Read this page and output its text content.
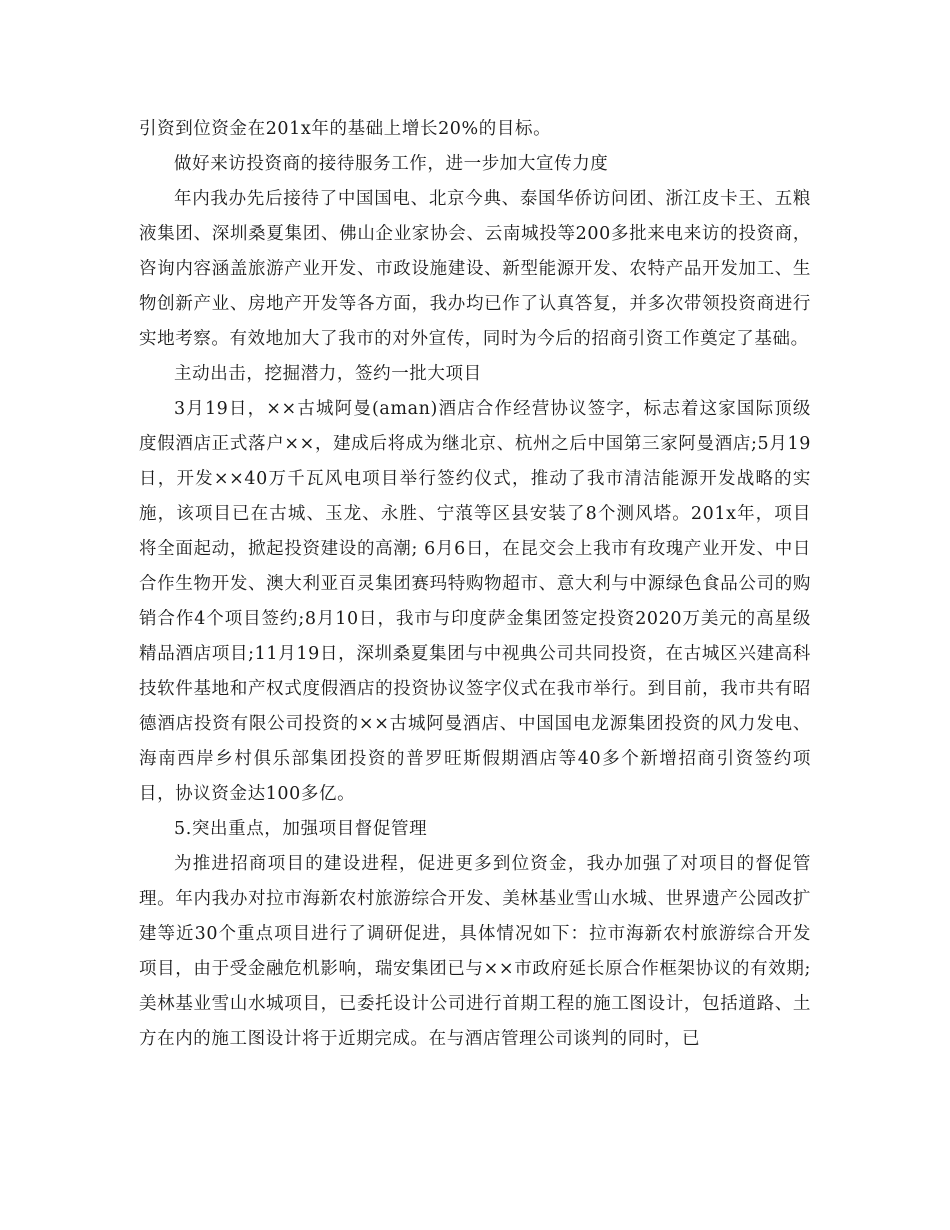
引资到位资金在201x年的基础上增长20%的目标。

做好来访投资商的接待服务工作，进一步加大宣传力度

年内我办先后接待了中国国电、北京今典、泰国华侨访问团、浙江皮卡王、五粮液集团、深圳桑夏集团、佛山企业家协会、云南城投等200多批来电来访的投资商，咨询内容涵盖旅游产业开发、市政设施建设、新型能源开发、农特产品开发加工、生物创新产业、房地产开发等各方面，我办均已作了认真答复，并多次带领投资商进行实地考察。有效地加大了我市的对外宣传，同时为今后的招商引资工作奠定了基础。

主动出击，挖掘潜力，签约一批大项目

3月19日，××古城阿曼(aman)酒店合作经营协议签字，标志着这家国际顶级度假酒店正式落户××，建成后将成为继北京、杭州之后中国第三家阿曼酒店;5月19日，开发××40万千瓦风电项目举行签约仪式，推动了我市清洁能源开发战略的实施，该项目已在古城、玉龙、永胜、宁蒗等区县安装了8个测风塔。201x年，项目将全面起动，掀起投资建设的高潮; 6月6日，在昆交会上我市有玫瑰产业开发、中日合作生物开发、澳大利亚百灵集团赛玛特购物超市、意大利与中源绿色食品公司的购销合作4个项目签约;8月10日，我市与印度萨金集团签定投资2020万美元的高星级精品酒店项目;11月19日，深圳桑夏集团与中视典公司共同投资，在古城区兴建高科技软件基地和产权式度假酒店的投资协议签字仪式在我市举行。到目前，我市共有昭德酒店投资有限公司投资的××古城阿曼酒店、中国国电龙源集团投资的风力发电、海南西岸乡村俱乐部集团投资的普罗旺斯假期酒店等40多个新增招商引资签约项目，协议资金达100多亿。

5.突出重点，加强项目督促管理

为推进招商项目的建设进程，促进更多到位资金，我办加强了对项目的督促管理。年内我办对拉市海新农村旅游综合开发、美林基业雪山水城、世界遗产公园改扩建等近30个重点项目进行了调研促进，具体情况如下：拉市海新农村旅游综合开发项目，由于受金融危机影响，瑞安集团已与××市政府延长原合作框架协议的有效期;美林基业雪山水城项目，已委托设计公司进行首期工程的施工图设计，包括道路、土方在内的施工图设计将于近期完成。在与酒店管理公司谈判的同时，已
